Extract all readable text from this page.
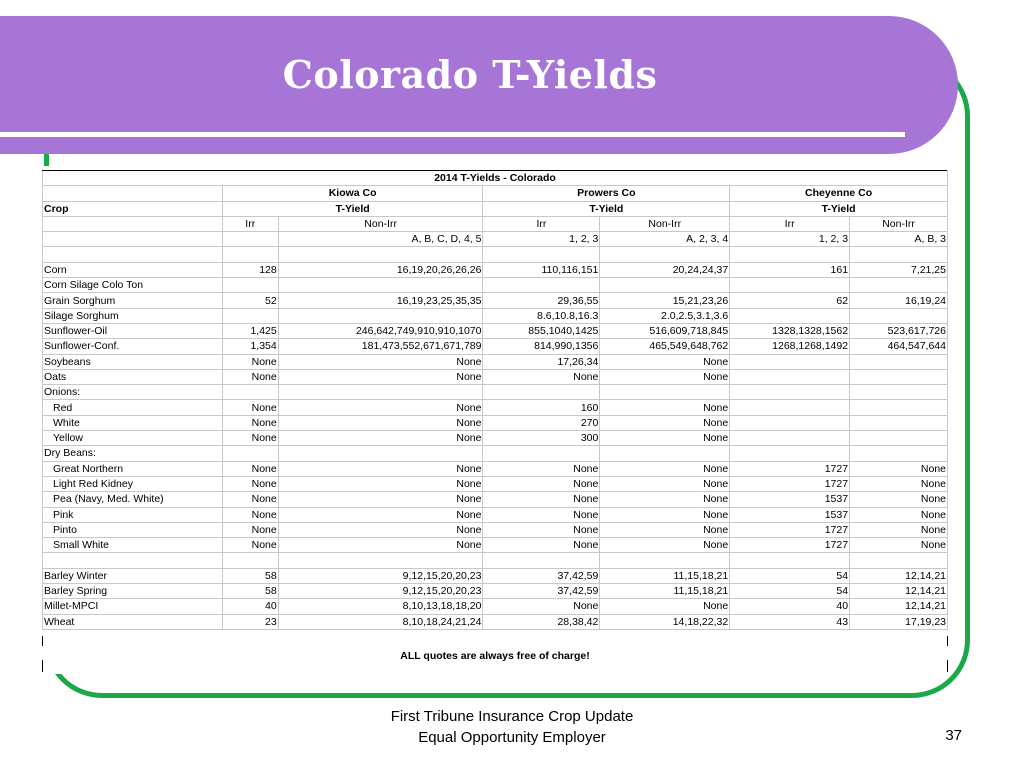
Colorado T-Yields
2014 T-Yields - Colorado						
	Kiowa Co		Prowers Co		Cheyenne Co	
Crop	T-Yield		T-Yield		T-Yield	
	Irr	Non-Irr	Irr	Non-Irr	Irr	Non-Irr
		A, B, C, D, 4, 5	1, 2, 3	A, 2, 3, 4	1, 2, 3	A, B, 3

Corn	128	16,19,20,26,26,26	110,116,151	20,24,24,37	161	7,21,25
Corn Silage Colo Ton						
Grain Sorghum	52	16,19,23,25,35,35	29,36,55	15,21,23,26	62	16,19,24
Silage Sorghum			8.6,10.8,16.3	2.0,2.5,3.1,3.6		
Sunflower-Oil	1,425	246,642,749,910,910,1070	855,1040,1425	516,609,718,845	1328,1328,1562	523,617,726
Sunflower-Conf.	1,354	181,473,552,671,671,789	814,990,1356	465,549,648,762	1268,1268,1492	464,547,644
Soybeans	None	None	17,26,34	None		
Oats	None	None	None	None		
Onions:						
Red	None	None	160	None		
White	None	None	270	None		
Yellow	None	None	300	None		
Dry Beans:						
Great Northern	None	None	None	None	1727	None
Light Red Kidney	None	None	None	None	1727	None
Pea (Navy, Med. White)	None	None	None	None	1537	None
Pink	None	None	None	None	1537	None
Pinto	None	None	None	None	1727	None
Small White	None	None	None	None	1727	None

Barley Winter	58	9,12,15,20,20,23	37,42,59	11,15,18,21	54	12,14,21
Barley Spring	58	9,12,15,20,20,23	37,42,59	11,15,18,21	54	12,14,21
Millet-MPCI	40	8,10,13,18,18,20	None	None	40	12,14,21
Wheat	23	8,10,18,24,21,24	28,38,42	14,18,22,32	43	17,19,23
ALL quotes are always free of charge!
First Tribune Insurance Crop Update
Equal Opportunity Employer	37
